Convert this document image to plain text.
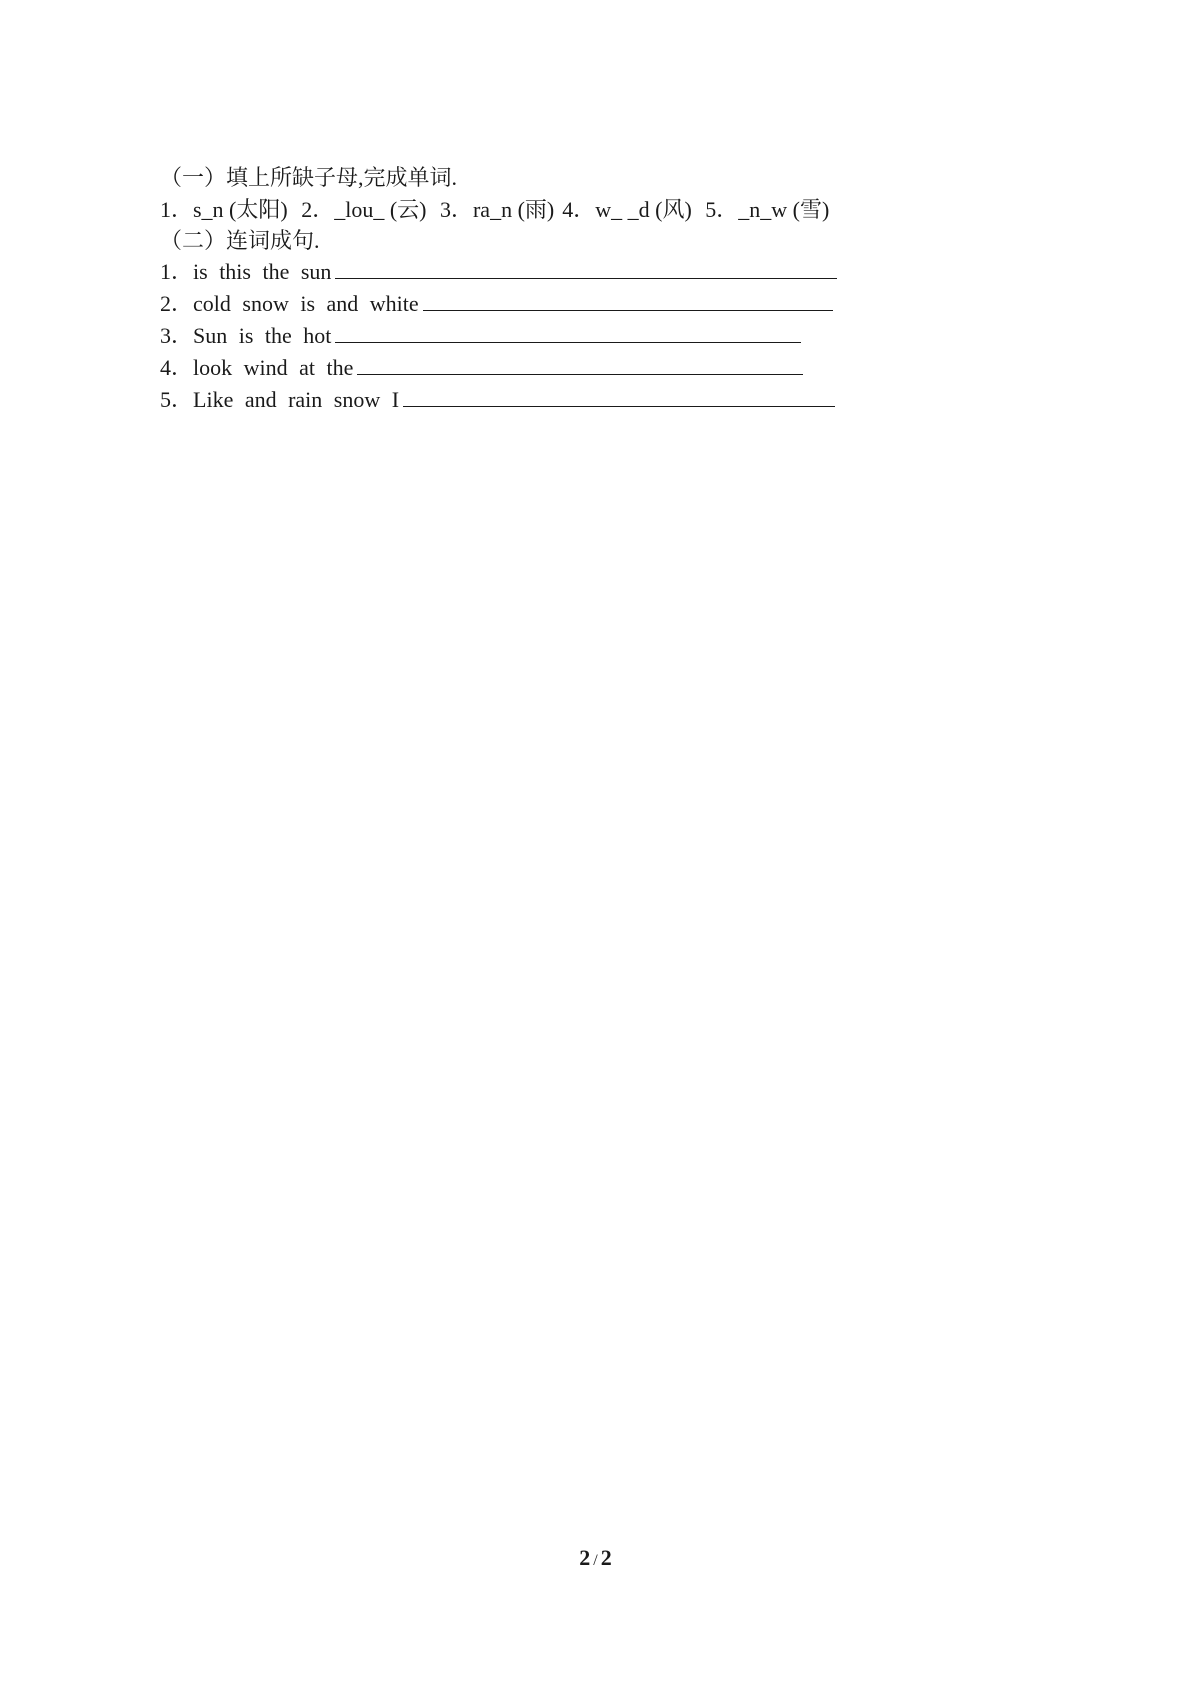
（一）填上所缺子母,完成单词.
1．s_n (太阳) 2．_lou_ (云) 3．ra_n (雨) 4．w_ _d (风) 5．_n_w (雪)
（二）连词成句.
1．is this the sun
2．cold snow is and white
3．Sun is the hot
4．look wind at the
5．Like and rain snow I
2 / 2
